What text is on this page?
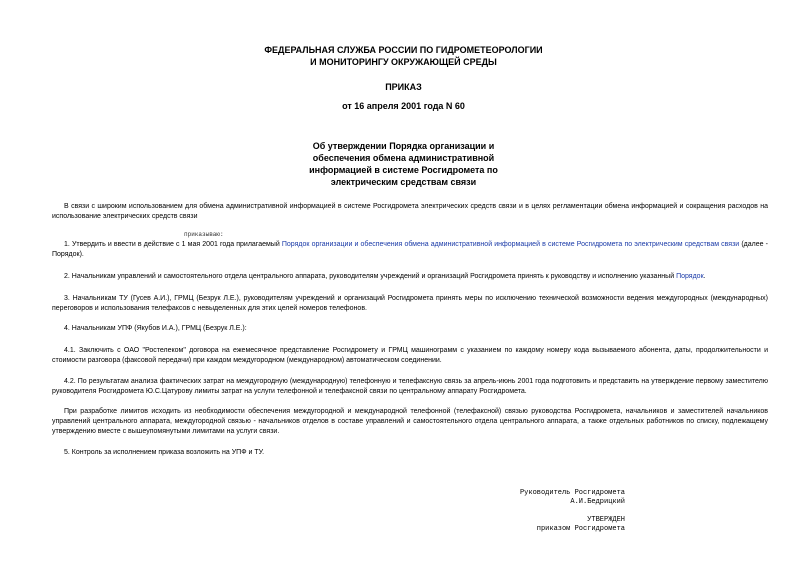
ФЕДЕРАЛЬНАЯ СЛУЖБА РОССИИ ПО ГИДРОМЕТЕОРОЛОГИИ
И МОНИТОРИНГУ ОКРУЖАЮЩЕЙ СРЕДЫ
ПРИКАЗ
от 16 апреля 2001 года N 60
Об утверждении Порядка организации и
обеспечения обмена административной
информацией в системе Росгидромета по
электрическим средствам связи
В связи с широким использованием для обмена административной информацией в системе Росгидромета электрических средств связи и в целях регламентации обмена информацией и сокращения расходов на использование электрических средств связи
приказываю:
1. Утвердить и ввести в действие с 1 мая 2001 года прилагаемый Порядок организации и обеспечения обмена административной информацией в системе Росгидромета по электрическим средствам связи (далее - Порядок).
2. Начальникам управлений и самостоятельного отдела центрального аппарата, руководителям учреждений и организаций Росгидромета принять к руководству и исполнению указанный Порядок.
3. Начальникам ТУ (Гусев А.И.), ГРМЦ (Безрук Л.Е.), руководителям учреждений и организаций Росгидромета принять меры по исключению технической возможности ведения междугородных (международных) переговоров и использования телефаксов с невыделенных для этих целей номеров телефонов.
4. Начальникам УПФ (Якубов И.А.), ГРМЦ (Безрук Л.Е.):
4.1. Заключить с ОАО "Ростелеком" договора на ежемесячное представление Росгидромету и ГРМЦ машинограмм с указанием по каждому номеру кода вызываемого абонента, даты, продолжительности и стоимости разговора (факсовой передачи) при каждом междугородном (международном) автоматическом соединении.
4.2. По результатам анализа фактических затрат на междугородную (международную) телефонную и телефаксную связь за апрель-июнь 2001 года подготовить и представить на утверждение первому заместителю руководителя Росгидромета Ю.С.Цатурову лимиты затрат на услуги телефонной и телефаксной связи по центральному аппарату Росгидромета.
При разработке лимитов исходить из необходимости обеспечения междугородной и международной телефонной (телефаксной) связью руководства Росгидромета, начальников и заместителей начальников управлений центрального аппарата, междугородной связью - начальников отделов в составе управлений и самостоятельного отдела центрального аппарата, а также отдельных работников по списку, подлежащему утверждению вместе с вышеупомянутыми лимитами на услуги связи.
5. Контроль за исполнением приказа возложить на УПФ и ТУ.
Руководитель Росгидромета
А.И.Бедрицкий
УТВЕРЖДЕН
приказом Росгидромета
